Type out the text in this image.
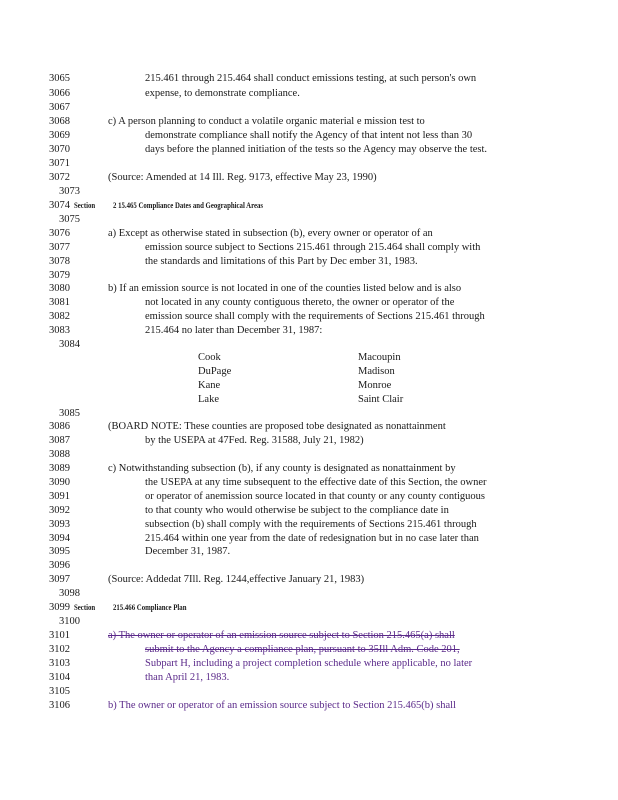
3065
3066
3067
3068
3069
3070
3071
3072
3073
3074
3075
3076
3077
3078
3079
3080
3081
3082
3083
3084
3085
3086
3087
3088
3089
3090
3091
3092
3093
3094
3095
3096
3097
3098
3099
3100
3101
3102
3103
3104
3105
3106
215.461 through 215.464 shall conduct emissions testing, at such person's own
expense, to demonstrate compliance.
c) A person planning to conduct a volatile organic material e mission test to
demonstrate compliance shall notify the Agency of that intent not less than 30
days before the planned initiation of the tests so the Agency may observe the test.
(Source: Amended at 14 Ill. Reg. 9173, effective May 23, 1990)
Section 2 15.465 Compliance Dates and Geographical Areas
a) Except as otherwise stated in subsection (b), every owner or operator of an
emission source subject to Sections 215.461 through 215.464 shall comply with
the standards and limitations of this Part by Dec ember 31, 1983.
b) If an emission source is not located in one of the counties listed below and is also
not located in any county contiguous thereto, the owner or operator of the
emission source shall comply with the requirements of Sections 215.461 through
215.464 no later than December 31, 1987:
Cook
DuPage
Kane
Lake
Macoupin
Madison
Monroe
Saint Clair
(BOARD NOTE: These counties are proposed tobe designated as nonattainment
by the USEPA at 47Fed. Reg. 31588, July 21, 1982)
c) Notwithstanding subsection (b), if any county is designated as nonattainment by
the USEPA at any time subsequent to the effective date of this Section, the owner
or operator of anemission source located in that county or any county contiguous
to that county who would otherwise be subject to the compliance date in
subsection (b) shall comply with the requirements of Sections 215.461 through
215.464 within one year from the date of redesignation but in no case later than
December 31, 1987.
(Source: Addedat 7Ill. Reg. 1244,effective January 21, 1983)
Section 215.466 Compliance Plan
a) The owner or operator of an emission source subject to Section 215.465(a) shall
submit to the Agency a compliance plan, pursuant to 35Ill Adm. Code 201,
Subpart H, including a project completion schedule where applicable, no later
than April 21, 1983.
b) The owner or operator of an emission source subject to Section 215.465(b) shall
